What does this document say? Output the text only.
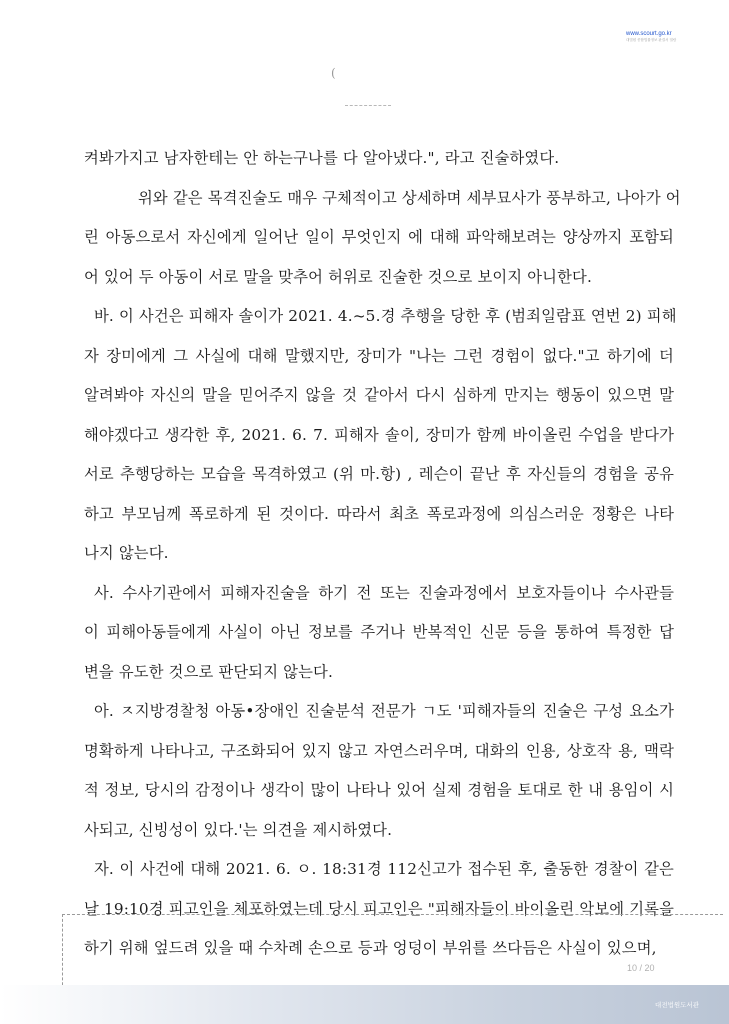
www.scourt.go.kr
대법원 종합법률정보 판결서 열람
(
켜봐가지고 남자한테는 안 하는구나를 다 알아냈다.", 라고 진술하였다.
위와 같은 목격진술도 매우 구체적이고 상세하며 세부묘사가 풍부하고, 나아가 어
린 아동으로서 자신에게 일어난 일이 무엇인지 에 대해 파악해보려는 양상까지 포함되
어 있어 두 아동이 서로 말을 맞추어 허위로 진술한 것으로 보이지 아니한다.
바. 이 사건은 피해자 솔이가 2021. 4.~5.경 추행을 당한 후 (범죄일람표 연번 2) 피해
자 장미에게 그 사실에 대해 말했지만, 장미가 "나는 그런 경험이 없다."고 하기에 더
알려봐야 자신의 말을 믿어주지 않을 것 같아서 다시 심하게 만지는 행동이 있으면 말
해야겠다고 생각한 후, 2021. 6. 7. 피해자 솔이, 장미가 함께 바이올린 수업을 받다가
서로 추행당하는 모습을 목격하였고 (위 마.항) , 레슨이 끝난 후 자신들의 경험을 공유
하고 부모님께 폭로하게 된 것이다. 따라서 최초 폭로과정에 의심스러운 정황은 나타
나지 않는다.
사. 수사기관에서 피해자진술을 하기 전 또는 진술과정에서 보호자들이나 수사관들
이 피해아동들에게 사실이 아닌 정보를 주거나 반복적인 신문 등을 통하여 특정한 답
변을 유도한 것으로 판단되지 않는다.
아. ㅈ지방경찰청 아동•장애인 진술분석 전문가 ㄱ도 '피해자들의 진술은 구성 요소가
명확하게 나타나고, 구조화되어 있지 않고 자연스러우며, 대화의 인용, 상호작 용, 맥락
적 정보, 당시의 감정이나 생각이 많이 나타나 있어 실제 경험을 토대로 한 내 용임이 시
사되고, 신빙성이 있다.'는 의견을 제시하였다.
자. 이 사건에 대해 2021. 6. ㅇ. 18:31경 112신고가 접수된 후, 출동한 경찰이 같은
날 19:10경 피고인을 체포하였는데 당시 피고인은 "피해자들이 바이올린 악보에 기록을
하기 위해 엎드려 있을 때 수차례 손으로 등과 엉덩이 부위를 쓰다듬은 사실이 있으며,
10 / 20
대전법원도서관
